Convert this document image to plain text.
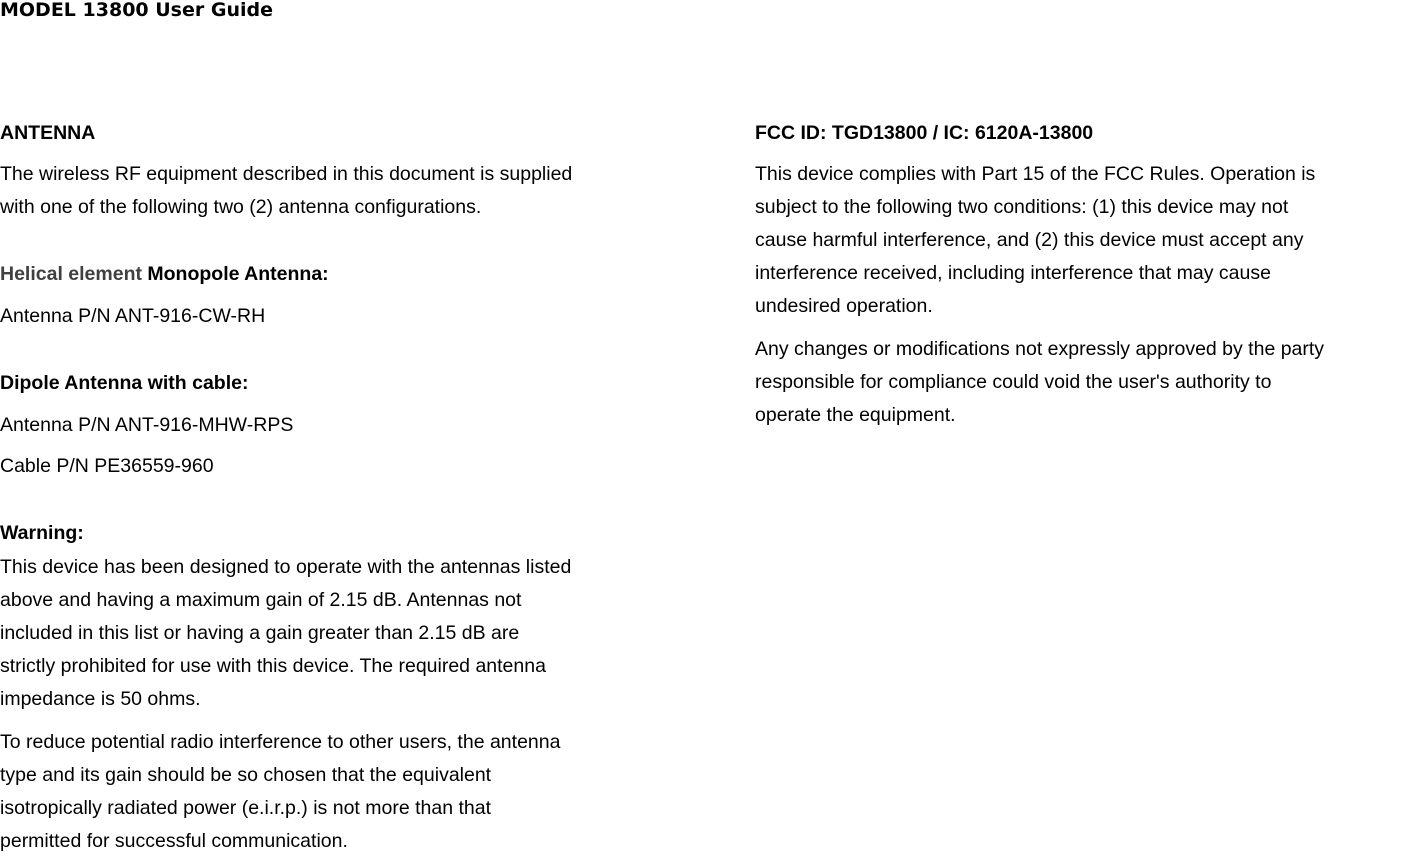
MODEL 13800 User Guide
ANTENNA
The wireless RF equipment described in this document is supplied
with one of the following two (2) antenna configurations.
Helical element Monopole Antenna:
Antenna P/N ANT-916-CW-RH
Dipole Antenna with cable:
Antenna P/N ANT-916-MHW-RPS
Cable P/N PE36559-960
Warning:
This device has been designed to operate with the antennas listed
above and having a maximum gain of 2.15 dB. Antennas not
included in this list or having a gain greater than 2.15 dB are
strictly prohibited for use with this device. The required antenna
impedance is 50 ohms.
To reduce potential radio interference to other users, the antenna
type and its gain should be so chosen that the equivalent
isotropically radiated power (e.i.r.p.) is not more than that
permitted for successful communication.
FCC ID: TGD13800 / IC: 6120A-13800
This device complies with Part 15 of the FCC Rules. Operation is
subject to the following two conditions: (1) this device may not
cause harmful interference, and (2) this device must accept any
interference received, including interference that may cause
undesired operation.
Any changes or modifications not expressly approved by the party
responsible for compliance could void the user's authority to
operate the equipment.
